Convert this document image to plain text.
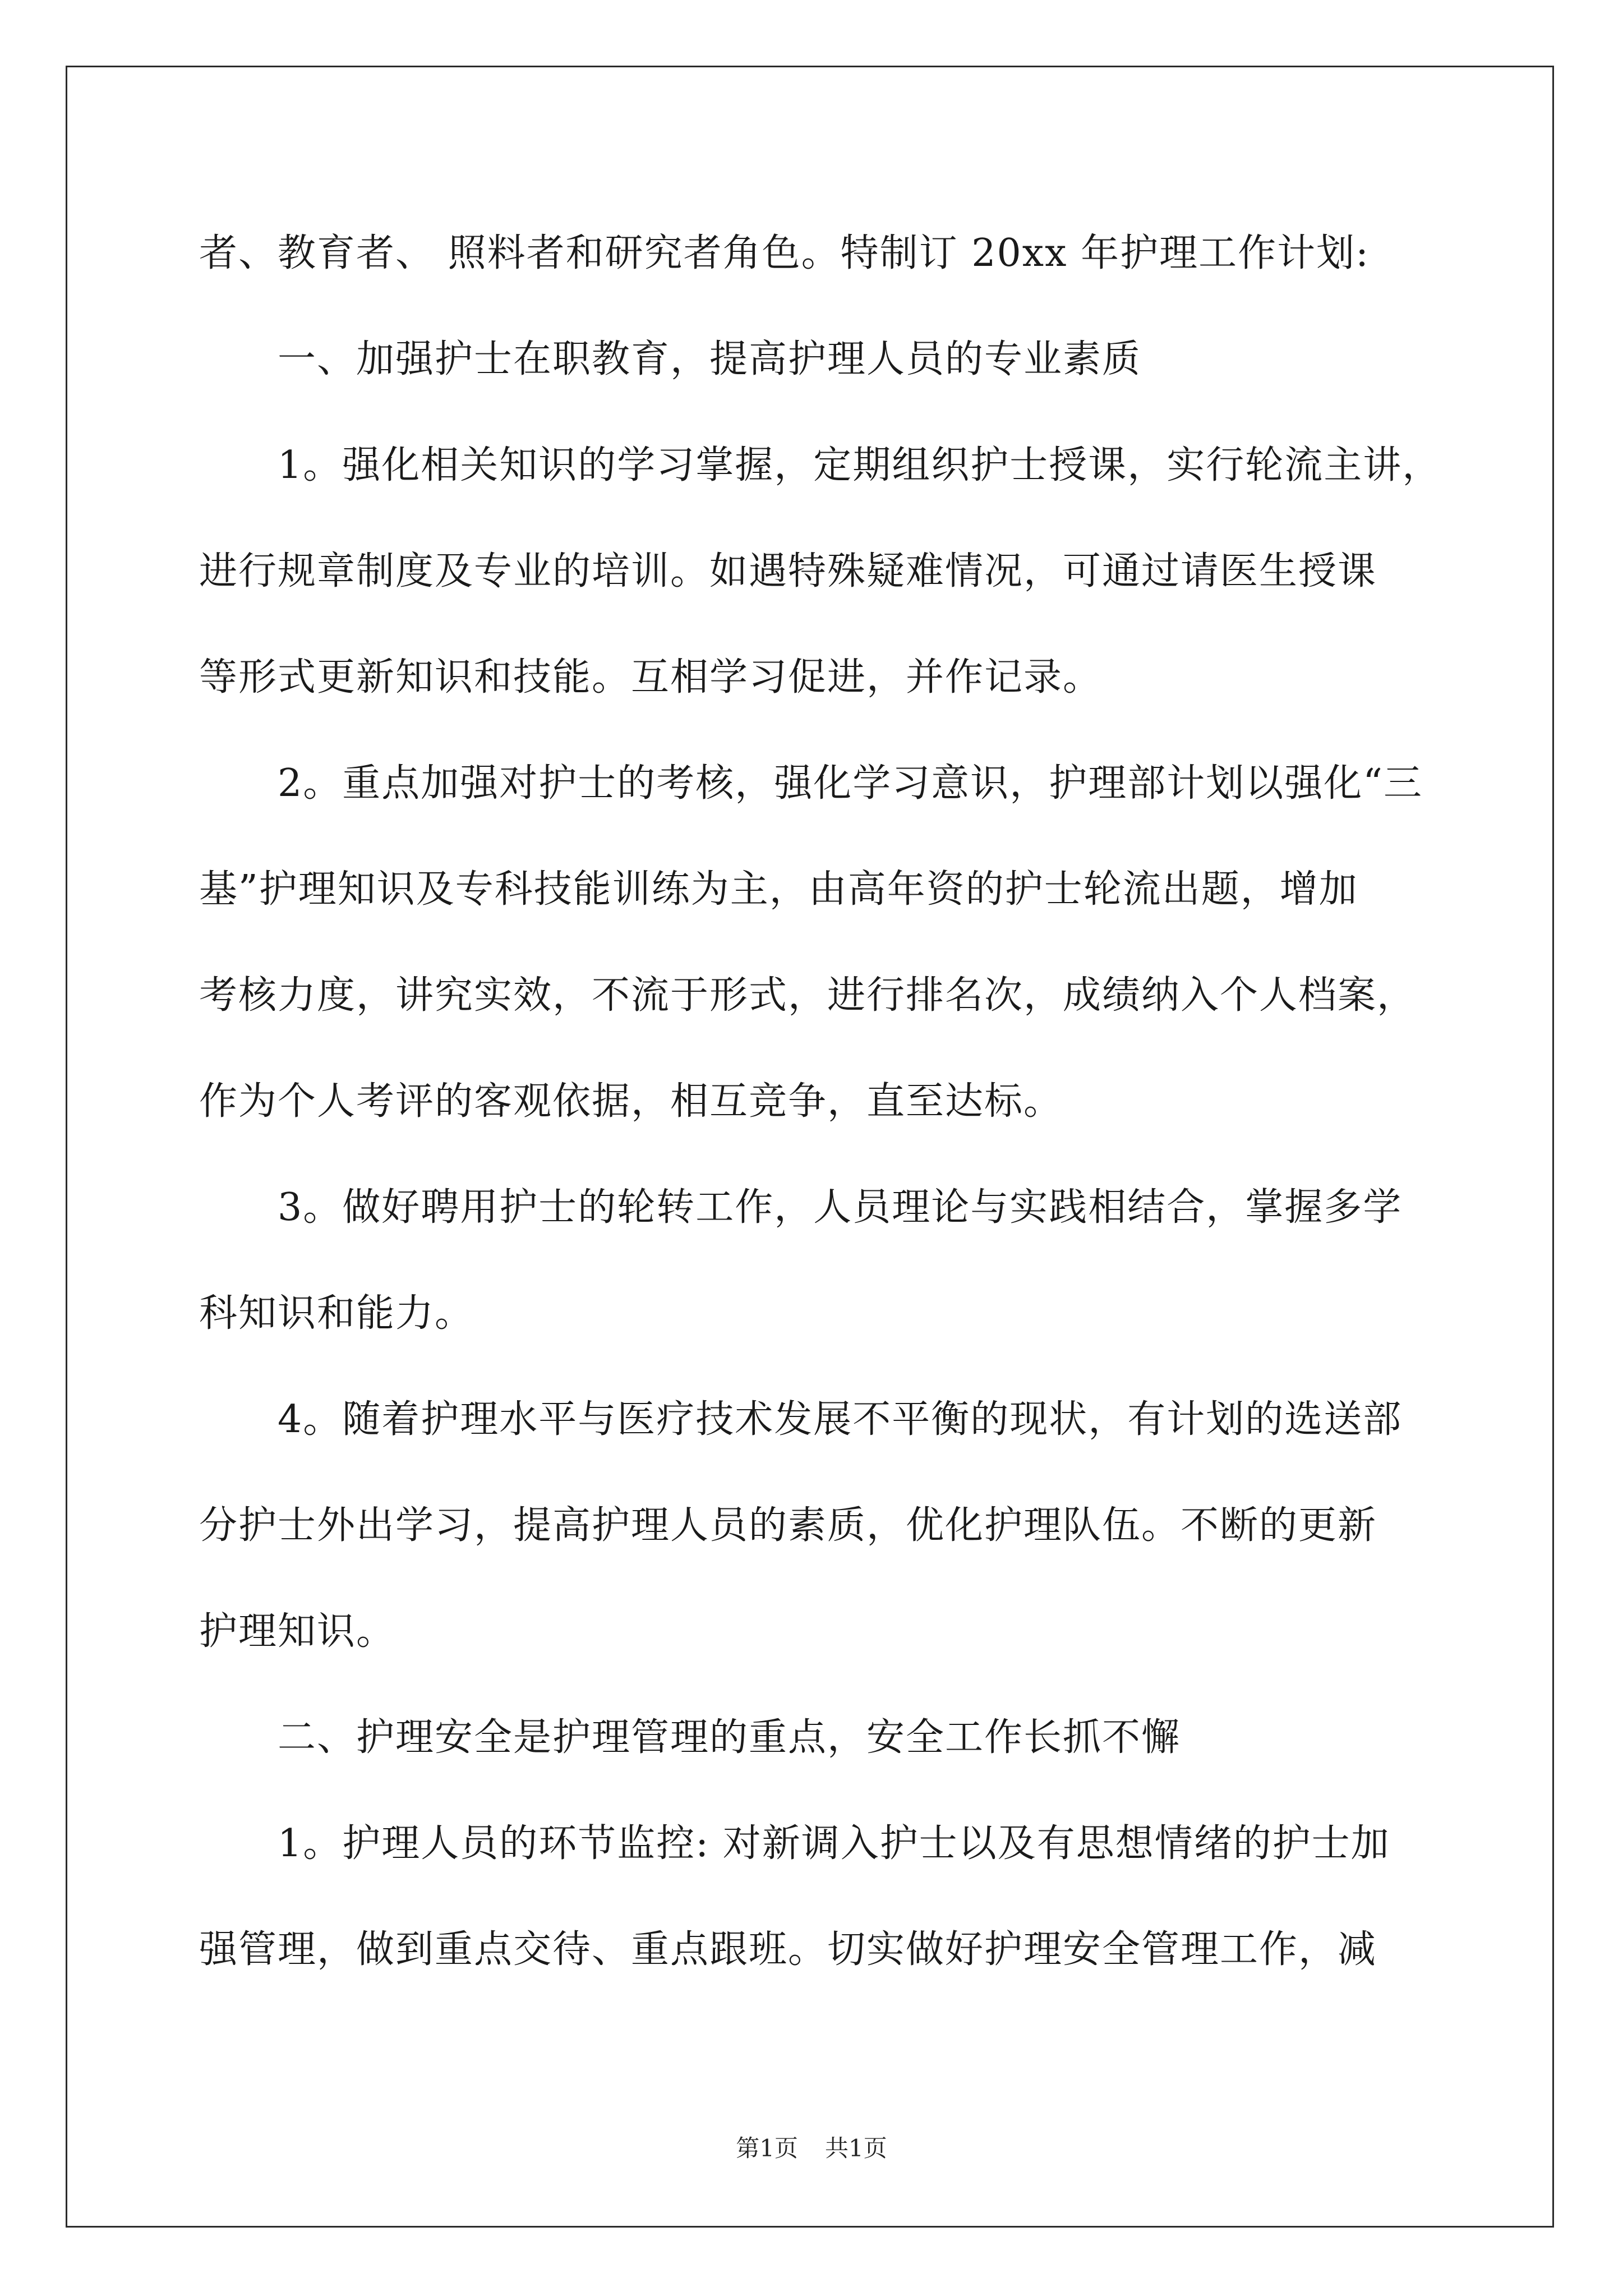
者、教育者、 照料者和研究者角色。特制订 20xx 年护理工作计划:
一、加强护士在职教育，提高护理人员的专业素质
1。强化相关知识的学习掌握，定期组织护士授课，实行轮流主讲，
进行规章制度及专业的培训。如遇特殊疑难情况，可通过请医生授课
等形式更新知识和技能。互相学习促进，并作记录。
2。重点加强对护士的考核，强化学习意识，护理部计划以强化“三
基”护理知识及专科技能训练为主，由高年资的护士轮流出题，增加
考核力度，讲究实效，不流于形式，进行排名次，成绩纳入个人档案，
作为个人考评的客观依据，相互竞争，直至达标。
3。做好聘用护士的轮转工作，人员理论与实践相结合，掌握多学
科知识和能力。
4。随着护理水平与医疗技术发展不平衡的现状，有计划的选送部
分护士外出学习，提高护理人员的素质，优化护理队伍。不断的更新
护理知识。
二、护理安全是护理管理的重点，安全工作长抓不懈
1。护理人员的环节监控: 对新调入护士以及有思想情绪的护士加
强管理，做到重点交待、重点跟班。切实做好护理安全管理工作，减
第1页 共1页
